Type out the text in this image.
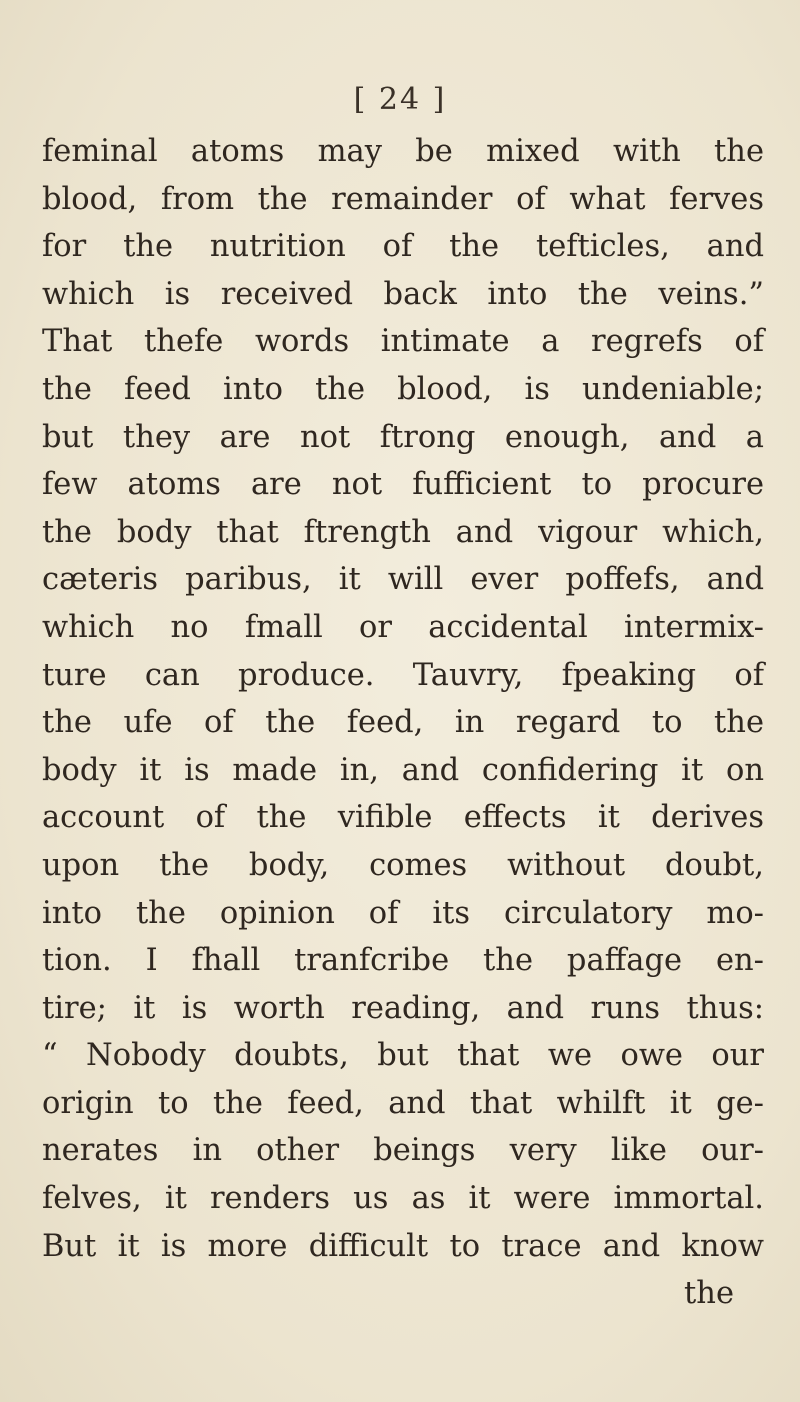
[ 24 ]
feminal atoms may be mixed with the
blood, from the remainder of what ferves
for the nutrition of the tefticles, and
which is received back into the veins.”
That thefe words intimate a regrefs of
the feed into the blood, is undeniable;
but they are not ftrong enough, and a
few atoms are not fufficient to procure
the body that ftrength and vigour which,
cæteris paribus, it will ever poffefs, and
which no fmall or accidental intermix-
ture can produce. Tauvry, fpeaking of
the ufe of the feed, in regard to the
body it is made in, and confidering it on
account of the vifible effects it derives
upon the body, comes without doubt,
into the opinion of its circulatory mo-
tion. I fhall tranfcribe the paffage en-
tire; it is worth reading, and runs thus:
“ Nobody doubts, but that we owe our
origin to the feed, and that whilft it ge-
nerates in other beings very like our-
felves, it renders us as it were immortal.
But it is more difficult to trace and know
the
